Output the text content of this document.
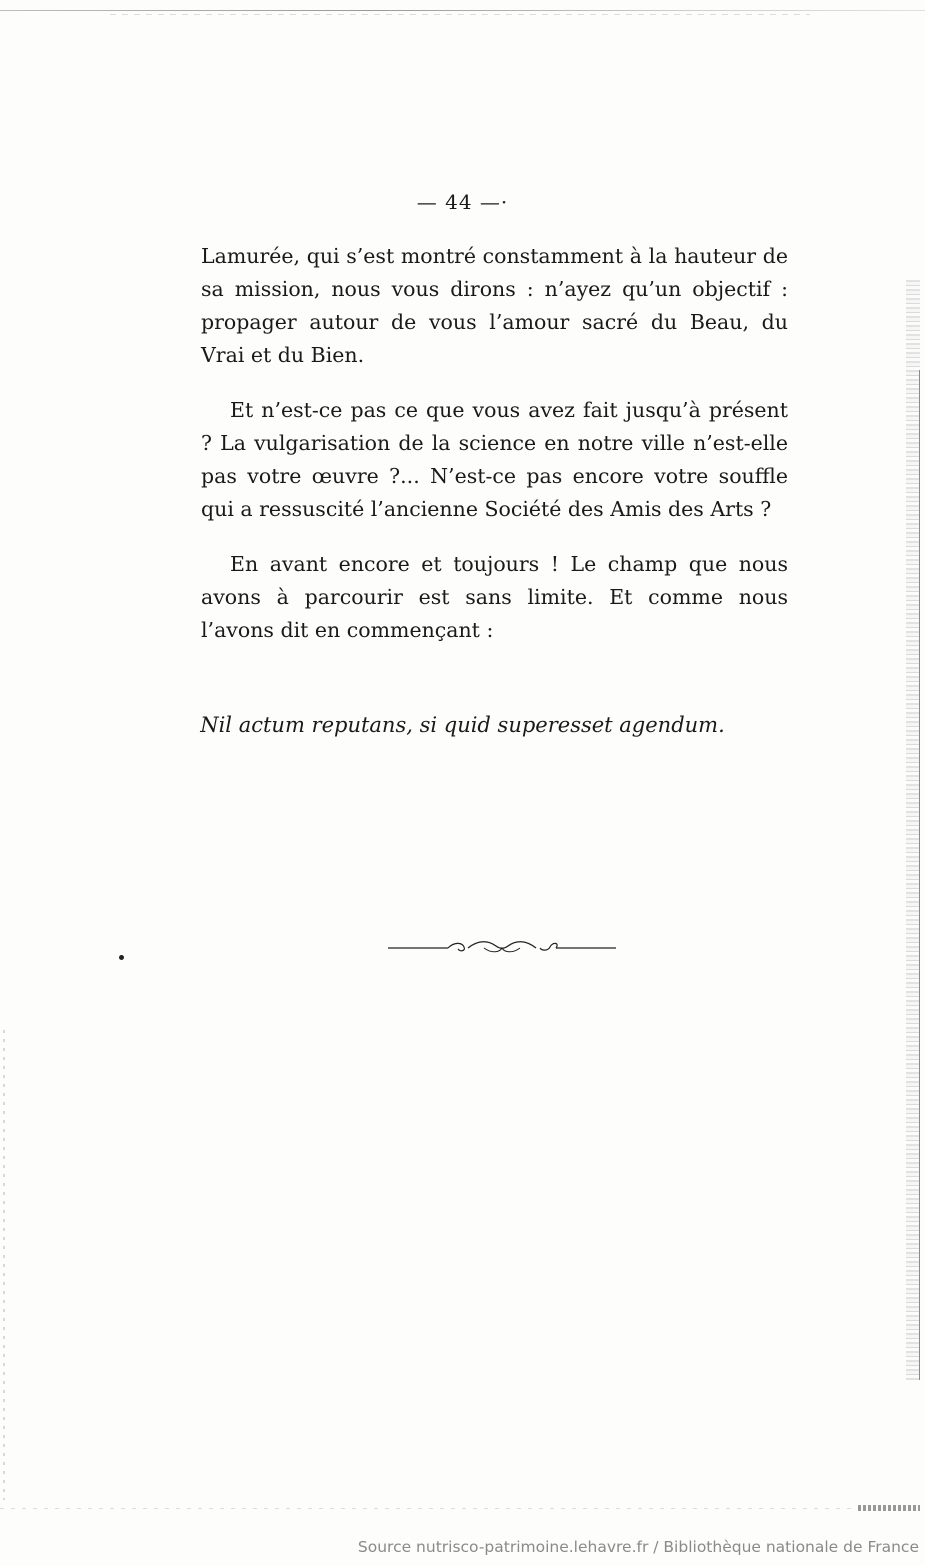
— 44 —·

Lamurée, qui s’est montré constamment à la hauteur de sa mission, nous vous dirons : n’ayez qu’un objectif : propager autour de vous l’amour sacré du Beau, du Vrai et du Bien.

Et n’est-ce pas ce que vous avez fait jusqu’à présent ? La vulgarisation de la science en notre ville n’est-elle pas votre œuvre ?... N’est-ce pas encore votre souffle qui a ressuscité l’ancienne Société des Amis des Arts ?

En avant encore et toujours ! Le champ que nous avons à parcourir est sans limite. Et comme nous l’avons dit en commençant :

Nil actum reputans, si quid superesset agendum.
Source nutrisco-patrimoine.lehavre.fr / Bibliothèque nationale de France
